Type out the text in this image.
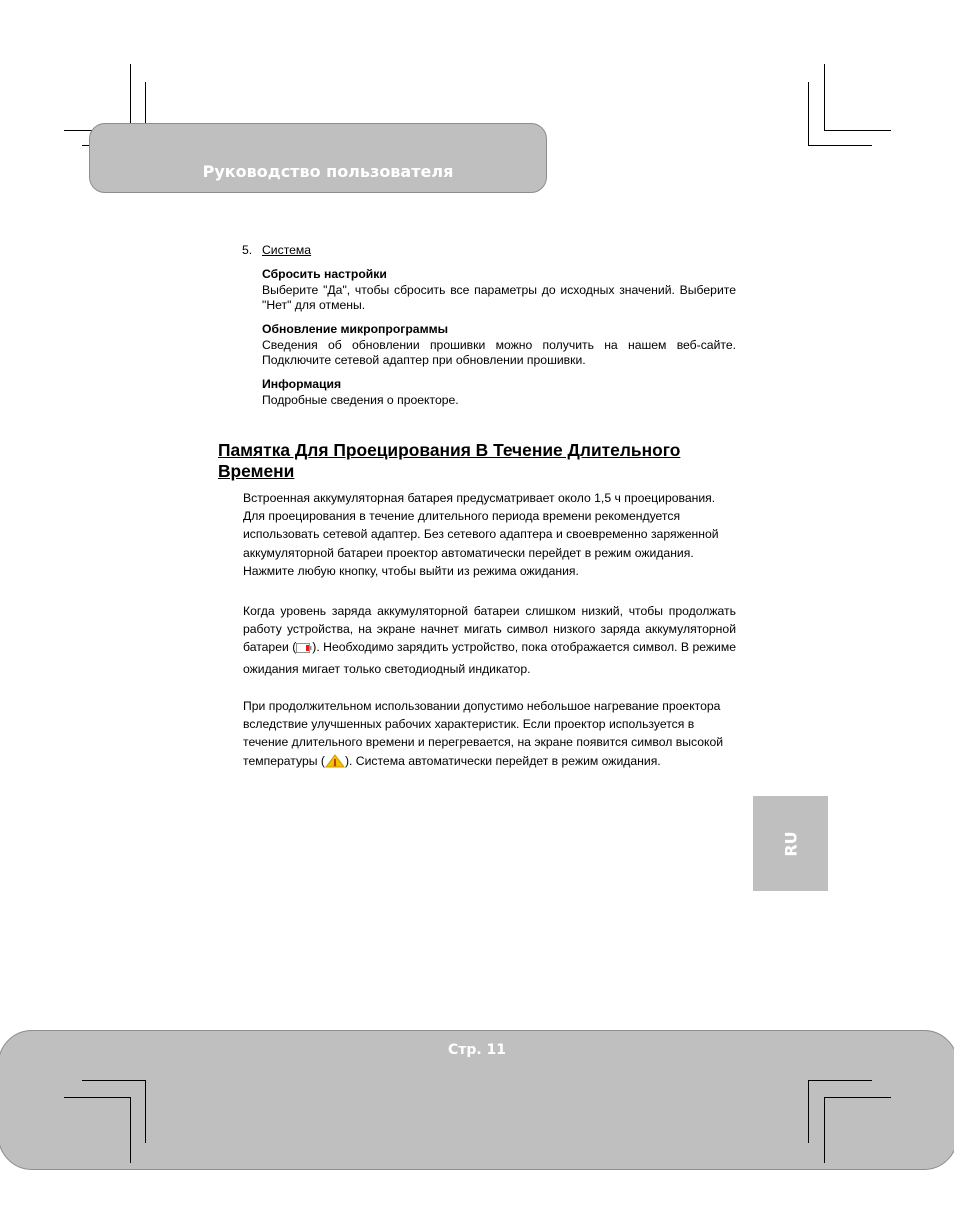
Руководство пользователя
5. Система
Сбросить настройки
Выберите "Да", чтобы сбросить все параметры до исходных значений. Выберите "Нет" для отмены.
Обновление микропрограммы
Сведения об обновлении прошивки можно получить на нашем веб-сайте. Подключите сетевой адаптер при обновлении прошивки.
Информация
Подробные сведения о проекторе.
Памятка Для Проецирования В Течение Длительного Времени
Встроенная аккумуляторная батарея предусматривает около 1,5 ч проецирования. Для проецирования в течение длительного периода времени рекомендуется использовать сетевой адаптер. Без сетевого адаптера и своевременно заряженной аккумуляторной батареи проектор автоматически перейдет в режим ожидания. Нажмите любую кнопку, чтобы выйти из режима ожидания.
Когда уровень заряда аккумуляторной батареи слишком низкий, чтобы продолжать работу устройства, на экране начнет мигать символ низкого заряда аккумуляторной батареи ( ). Необходимо зарядить устройство, пока отображается символ. В режиме ожидания мигает только светодиодный индикатор.
При продолжительном использовании допустимо небольшое нагревание проектора вследствие улучшенных рабочих характеристик. Если проектор используется в течение длительного времени и перегревается, на экране появится символ высокой температуры ( ). Система автоматически перейдет в режим ожидания.
RU
Стр. 11
